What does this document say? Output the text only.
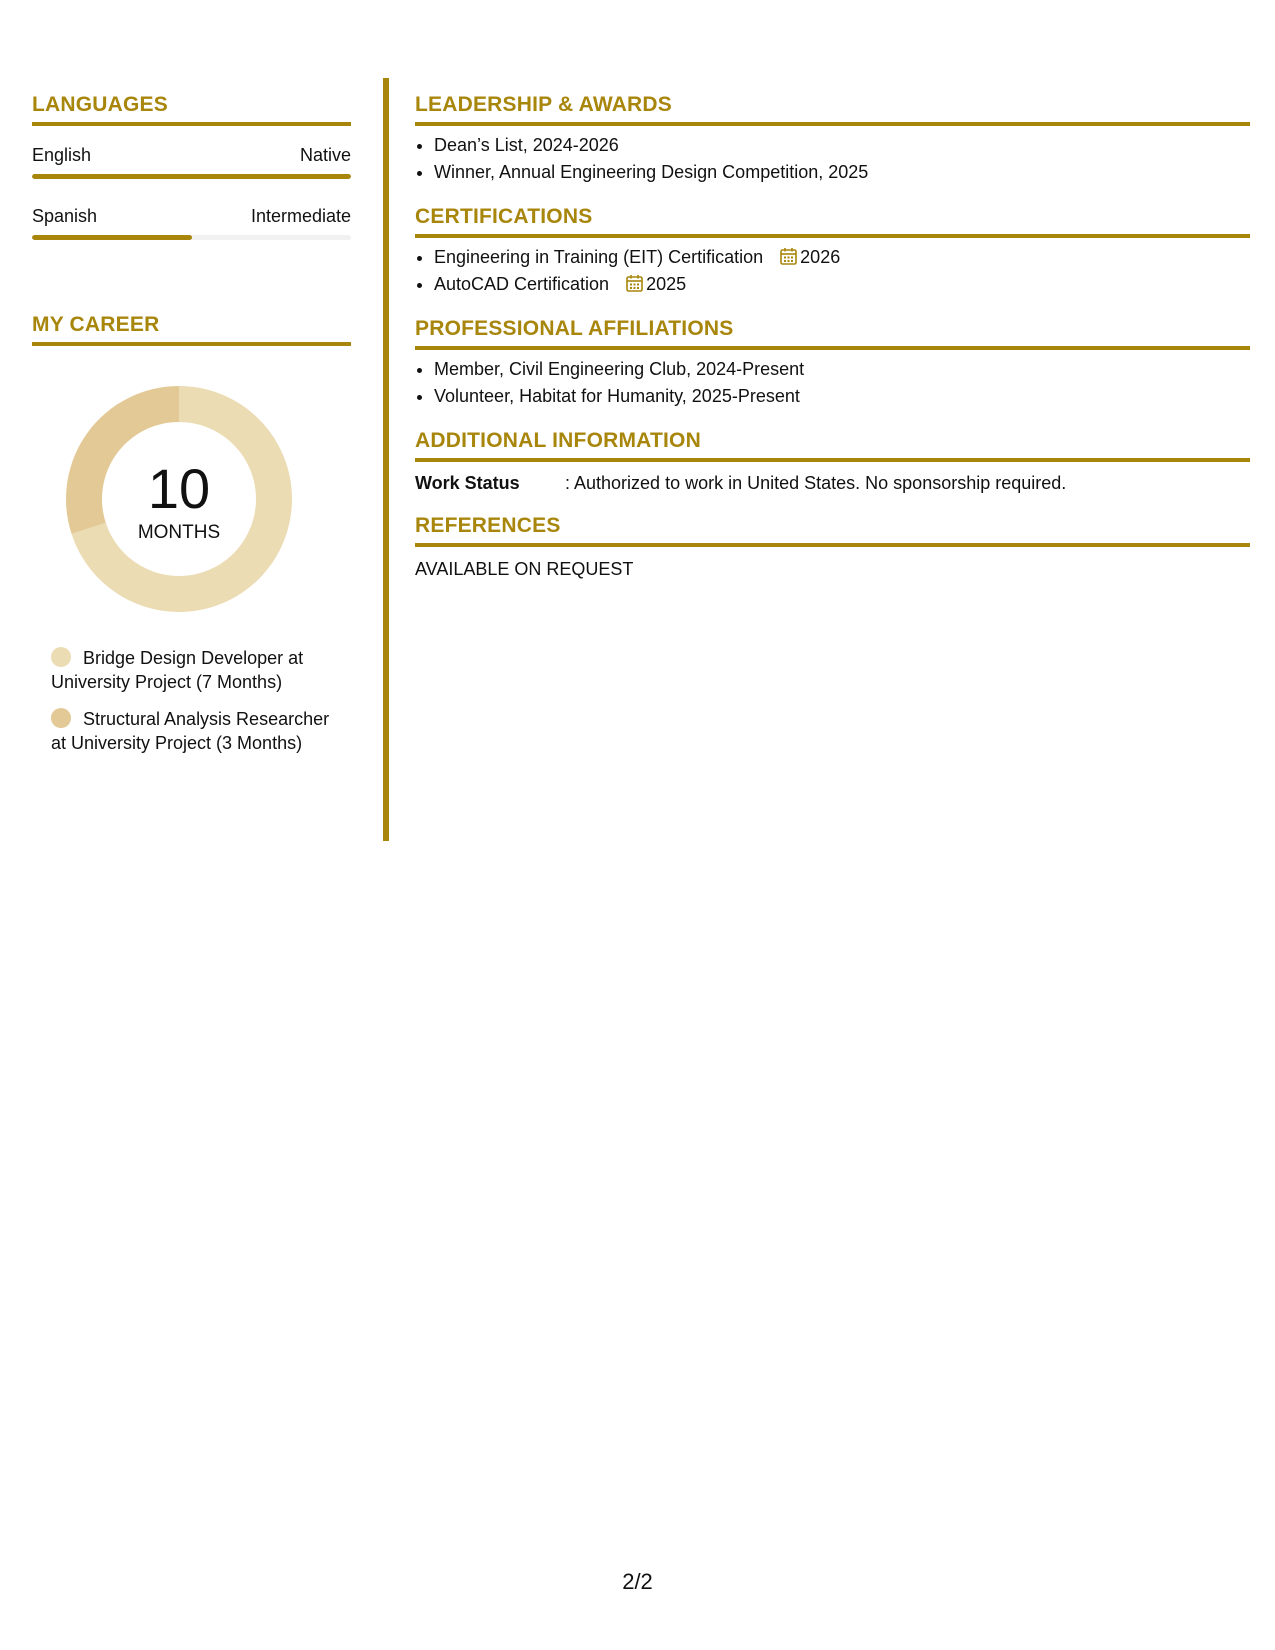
LANGUAGES
English	Native
Spanish	Intermediate
MY CAREER
10
MONTHS
Bridge Design Developer at University Project (7 Months)
Structural Analysis Researcher at University Project (3 Months)
LEADERSHIP & AWARDS
• Dean’s List, 2024-2026
• Winner, Annual Engineering Design Competition, 2025
CERTIFICATIONS
• Engineering in Training (EIT) Certification 2026
• AutoCAD Certification 2025
PROFESSIONAL AFFILIATIONS
• Member, Civil Engineering Club, 2024-Present
• Volunteer, Habitat for Humanity, 2025-Present
ADDITIONAL INFORMATION
Work Status	: Authorized to work in United States. No sponsorship required.
REFERENCES
AVAILABLE ON REQUEST
2/2
